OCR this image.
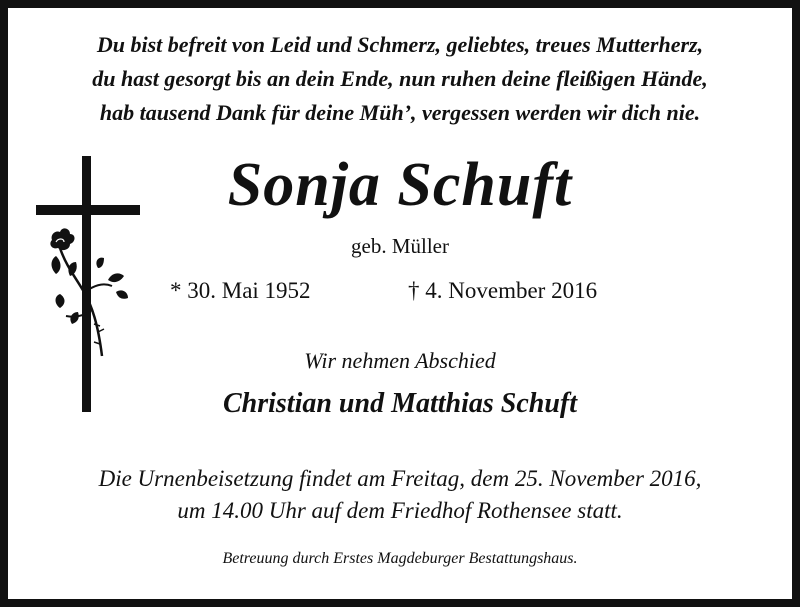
Du bist befreit von Leid und Schmerz, geliebtes, treues Mutterherz,
du hast gesorgt bis an dein Ende, nun ruhen deine fleißigen Hände,
hab tausend Dank für deine Müh’, vergessen werden wir dich nie.
Sonja Schuft
geb. Müller
* 30. Mai 1952	† 4. November 2016
Wir nehmen Abschied
Christian und Matthias Schuft
Die Urnenbeisetzung findet am Freitag, dem 25. November 2016,
um 14.00 Uhr auf dem Friedhof Rothensee statt.
Betreuung durch Erstes Magdeburger Bestattungshaus.
